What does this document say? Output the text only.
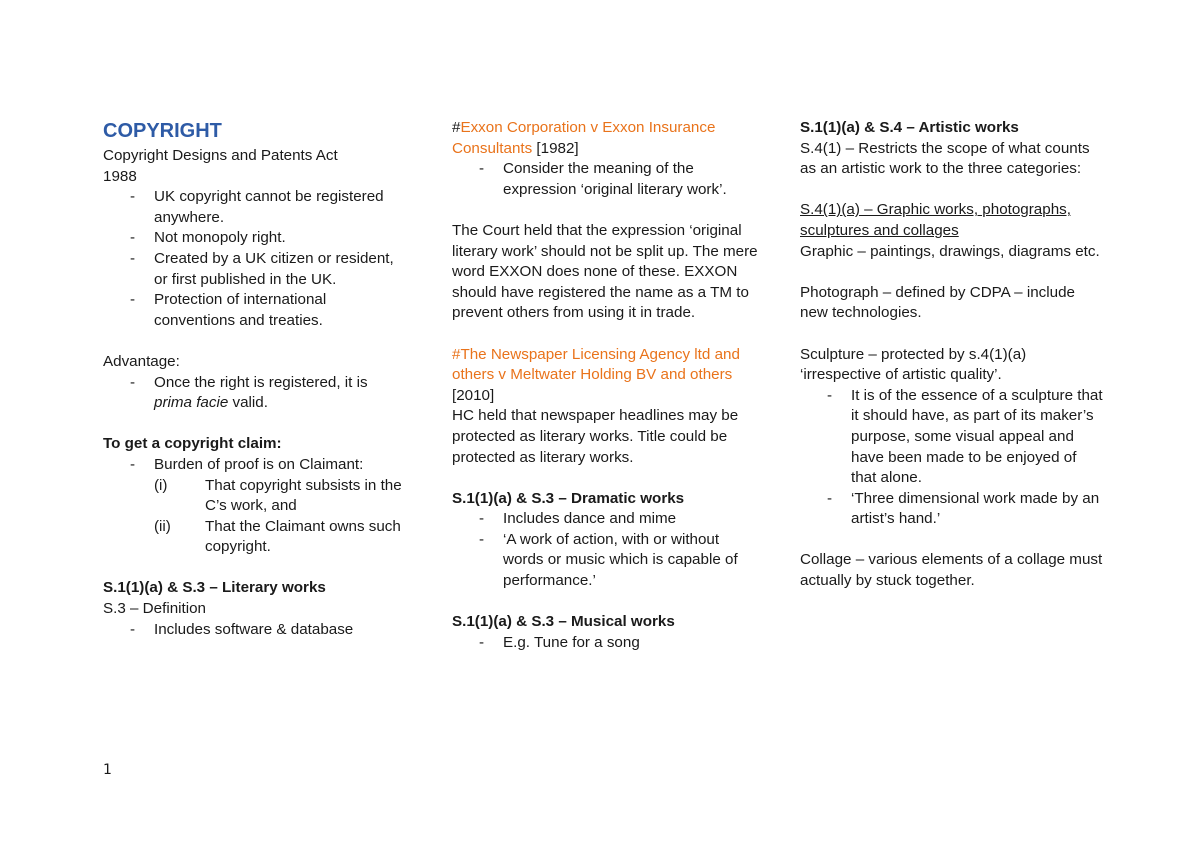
COPYRIGHT

Copyright Designs and Patents Act

1988

- UK copyright cannot be registered anywhere.
- Not monopoly right.
- Created by a UK citizen or resident, or first published in the UK.
- Protection of international conventions and treaties.

Advantage:

- Once the right is registered, it is prima facie valid.

To get a copyright claim:

- Burden of proof is on Claimant:
(i) That copyright subsists in the C’s work, and
(ii) That the Claimant owns such copyright.

S.1(1)(a) & S.3 – Literary works

S.3 – Definition

- Includes software & database

#Exxon Corporation v Exxon Insurance Consultants [1982]

- Consider the meaning of the expression ‘original literary work’.

The Court held that the expression ‘original literary work’ should not be split up. The mere word EXXON does none of these. EXXON should have registered the name as a TM to prevent others from using it in trade.

#The Newspaper Licensing Agency ltd and others v Meltwater Holding BV and others [2010]

HC held that newspaper headlines may be protected as literary works. Title could be protected as literary works.

S.1(1)(a) & S.3 – Dramatic works

- Includes dance and mime
- ‘A work of action, with or without words or music which is capable of performance.’

S.1(1)(a) & S.3 – Musical works

- E.g. Tune for a song

S.1(1)(a) & S.4 – Artistic works

S.4(1) – Restricts the scope of what counts as an artistic work to the three categories:

S.4(1)(a) – Graphic works, photographs, sculptures and collages

Graphic – paintings, drawings, diagrams etc.

Photograph – defined by CDPA – include new technologies.

Sculpture – protected by s.4(1)(a) ‘irrespective of artistic quality’.

- It is of the essence of a sculpture that it should have, as part of its maker’s purpose, some visual appeal and have been made to be enjoyed of that alone.
- ‘Three dimensional work made by an artist’s hand.’

Collage – various elements of a collage must actually by stuck together.

1
